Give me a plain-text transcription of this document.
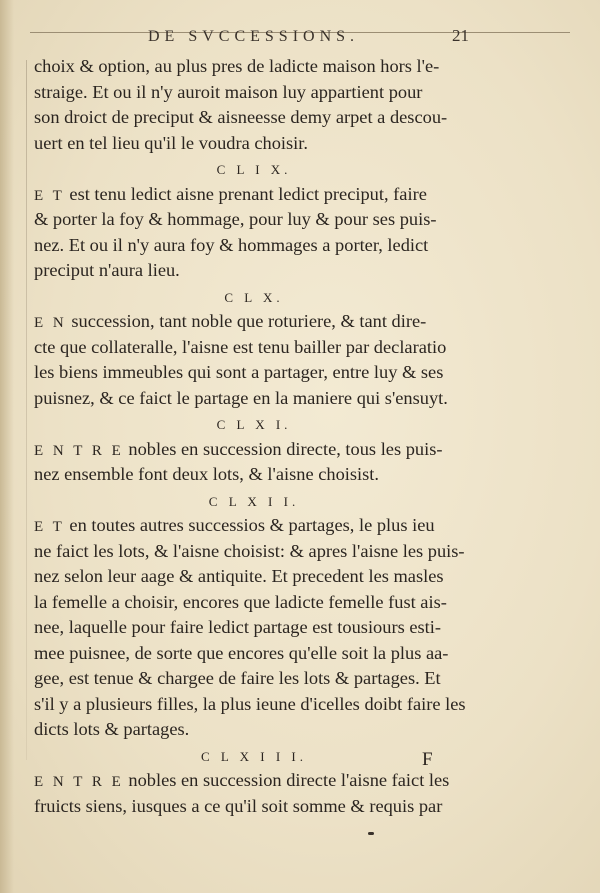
DE SVCCESSIONS.	21
choix & option, au plus pres de ladicte maison hors l'e-
straige. Et ou il n'y auroit maison luy appartient pour
son droict de preciput & aisneesse demy arpet a descou-
uert en tel lieu qu'il le voudra choisir.
C L I X.
E T est tenu ledict aisne prenant ledict preciput, faire
& porter la foy & hommage, pour luy & pour ses puis-
nez. Et ou il n'y aura foy & hommages a porter, ledict
preciput n'aura lieu.
C L X.
E N succession, tant noble que roturiere, & tant dire-
cte que collateralle, l'aisne est tenu bailler par declaratio
les biens immeubles qui sont a partager, entre luy & ses
puisnez, & ce faict le partage en la maniere qui s'ensuyt.
C L X I.
E N T R E nobles en succession directe, tous les puis-
nez ensemble font deux lots, & l'aisne choisist.
C L X I I.
E T en toutes autres successios & partages, le plus ieu
ne faict les lots, & l'aisne choisist: & apres l'aisne les puis-
nez selon leur aage & antiquite. Et precedent les masles
la femelle a choisir, encores que ladicte femelle fust ais-
nee, laquelle pour faire ledict partage est tousiours esti-
mee puisnee, de sorte que encores qu'elle soit la plus aa-
gee, est tenue & chargee de faire les lots & partages. Et
s'il y a plusieurs filles, la plus ieune d'icelles doibt faire les
dicts lots & partages.
C L X I I I.
E N T R E nobles en succession directe l'aisne faict les
fruicts siens, iusques a ce qu'il soit somme & requis par
F
